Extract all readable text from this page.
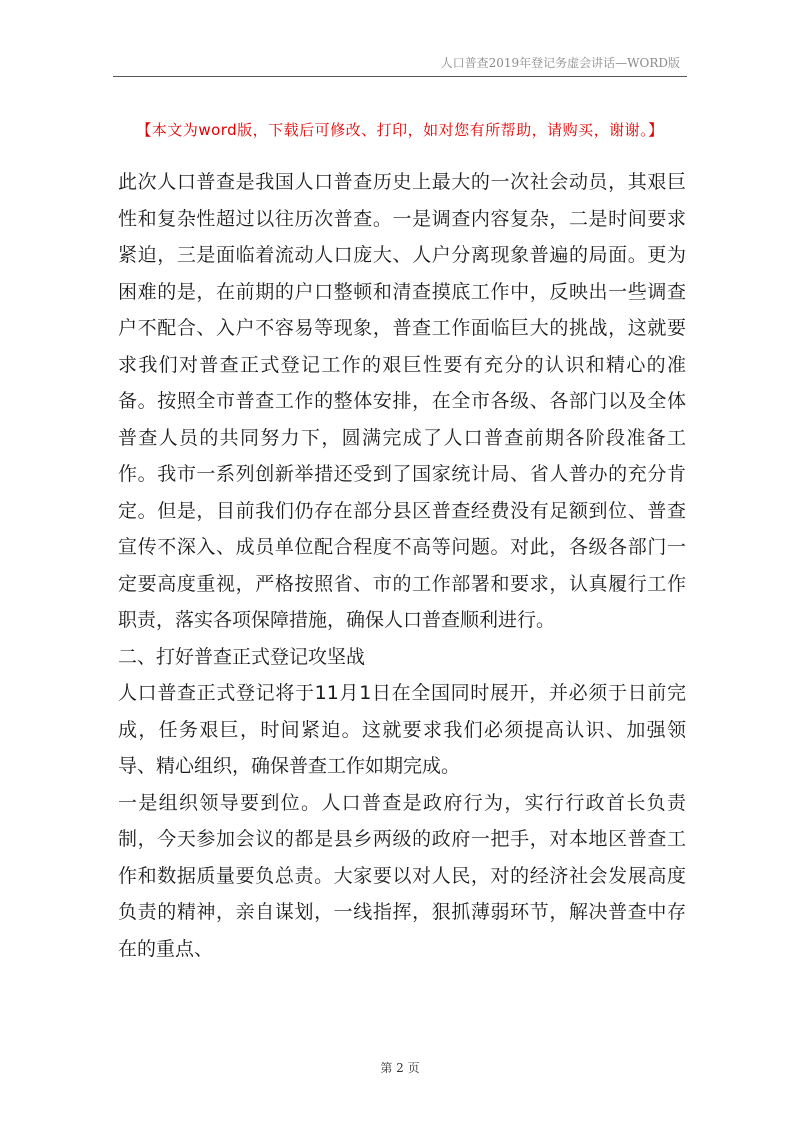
人口普查2019年登记务虚会讲话—WORD版
【本文为word版，下载后可修改、打印，如对您有所帮助，请购买，谢谢。】

此次人口普查是我国人口普查历史上最大的一次社会动员，其艰巨性和复杂性超过以往历次普查。一是调查内容复杂，二是时间要求紧迫，三是面临着流动人口庞大、人户分离现象普遍的局面。更为困难的是，在前期的户口整顿和清查摸底工作中，反映出一些调查户不配合、入户不容易等现象，普查工作面临巨大的挑战，这就要求我们对普查正式登记工作的艰巨性要有充分的认识和精心的准备。按照全市普查工作的整体安排，在全市各级、各部门以及全体普查人员的共同努力下，圆满完成了人口普查前期各阶段准备工作。我市一系列创新举措还受到了国家统计局、省人普办的充分肯定。但是，目前我们仍存在部分县区普查经费没有足额到位、普查宣传不深入、成员单位配合程度不高等问题。对此，各级各部门一定要高度重视，严格按照省、市的工作部署和要求，认真履行工作职责，落实各项保障措施，确保人口普查顺利进行。

二、打好普查正式登记攻坚战

人口普查正式登记将于11月1日在全国同时展开，并必须于日前完成，任务艰巨，时间紧迫。这就要求我们必须提高认识、加强领导、精心组织，确保普查工作如期完成。

一是组织领导要到位。人口普查是政府行为，实行行政首长负责制，今天参加会议的都是县乡两级的政府一把手，对本地区普查工作和数据质量要负总责。大家要以对人民，对的经济社会发展高度负责的精神，亲自谋划，一线指挥，狠抓薄弱环节，解决普查中存在的重点、

第 2 页
